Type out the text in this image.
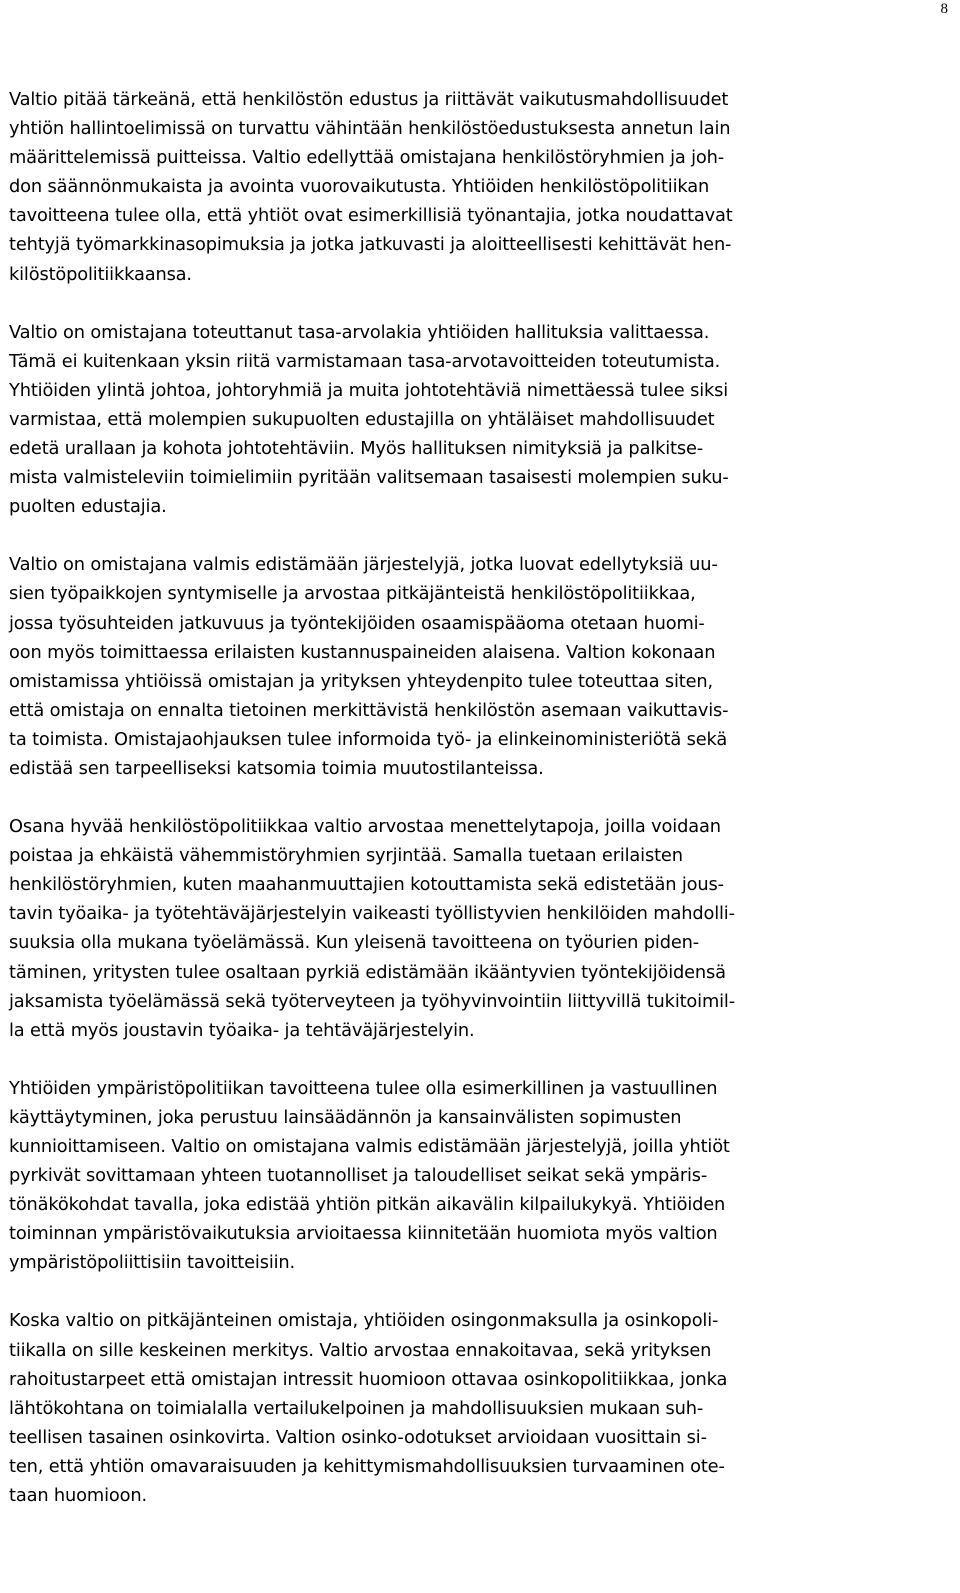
8

Valtio pitää tärkeänä, että henkilöstön edustus ja riittävät vaikutusmahdollisuudet
yhtiön hallintoelimissä on turvattu vähintään henkilöstöedustuksesta annetun lain
määrittelemissä puitteissa. Valtio edellyttää omistajana henkilöstöryhmien ja joh-
don säännönmukaista ja avointa vuorovaikutusta. Yhtiöiden henkilöstöpolitiikan
tavoitteena tulee olla, että yhtiöt ovat esimerkillisiä työnantajia, jotka noudattavat
tehtyjä työmarkkinasopimuksia ja jotka jatkuvasti ja aloitteellisesti kehittävät hen-
kilöstöpolitiikkaansa.

Valtio on omistajana toteuttanut tasa-arvolakia yhtiöiden hallituksia valittaessa.
Tämä ei kuitenkaan yksin riitä varmistamaan tasa-arvotavoitteiden toteutumista.
Yhtiöiden ylintä johtoa, johtoryhmiä ja muita johtotehtäviä nimettäessä tulee siksi
varmistaa, että molempien sukupuolten edustajilla on yhtäläiset mahdollisuudet
edetä urallaan ja kohota johtotehtäviin. Myös hallituksen nimityksiä ja palkitse-
mista valmisteleviin toimielimiin pyritään valitsemaan tasaisesti molempien suku-
puolten edustajia.

Valtio on omistajana valmis edistämään järjestelyjä, jotka luovat edellytyksiä uu-
sien työpaikkojen syntymiselle ja arvostaa pitkäjänteistä henkilöstöpolitiikkaa,
jossa työsuhteiden jatkuvuus ja työntekijöiden osaamispääoma otetaan huomi-
oon myös toimittaessa erilaisten kustannuspaineiden alaisena. Valtion kokonaan
omistamissa yhtiöissä omistajan ja yrityksen yhteydenpito tulee toteuttaa siten,
että omistaja on ennalta tietoinen merkittävistä henkilöstön asemaan vaikuttavis-
ta toimista. Omistajaohjauksen tulee informoida työ- ja elinkeinoministeriötä sekä
edistää sen tarpeelliseksi katsomia toimia muutostilanteissa.

Osana hyvää henkilöstöpolitiikkaa valtio arvostaa menettelytapoja, joilla voidaan
poistaa ja ehkäistä vähemmistöryhmien syrjintää. Samalla tuetaan erilaisten
henkilöstöryhmien, kuten maahanmuuttajien kotouttamista sekä edistetään jous-
tavin työaika- ja työtehtäväjärjestelyin vaikeasti työllistyvien henkilöiden mahdolli-
suuksia olla mukana työelämässä. Kun yleisenä tavoitteena on työurien piden-
täminen, yritysten tulee osaltaan pyrkiä edistämään ikääntyvien työntekijöidensä
jaksamista työelämässä sekä työterveyteen ja työhyvinvointiin liittyvillä tukitoimil-
la että myös joustavin työaika- ja tehtäväjärjestelyin.

Yhtiöiden ympäristöpolitiikan tavoitteena tulee olla esimerkillinen ja vastuullinen
käyttäytyminen, joka perustuu lainsäädännön ja kansainvälisten sopimusten
kunnioittamiseen. Valtio on omistajana valmis edistämään järjestelyjä, joilla yhtiöt
pyrkivät sovittamaan yhteen tuotannolliset ja taloudelliset seikat sekä ympäris-
tönäkökohdat tavalla, joka edistää yhtiön pitkän aikavälin kilpailukykyä. Yhtiöiden
toiminnan ympäristövaikutuksia arvioitaessa kiinnitetään huomiota myös valtion
ympäristöpoliittisiin tavoitteisiin.

Koska valtio on pitkäjänteinen omistaja, yhtiöiden osingonmaksulla ja osinkopoli-
tiikalla on sille keskeinen merkitys. Valtio arvostaa ennakoitavaa, sekä yrityksen
rahoitustarpeet että omistajan intressit huomioon ottavaa osinkopolitiikkaa, jonka
lähtökohtana on toimialalla vertailukelpoinen ja mahdollisuuksien mukaan suh-
teellisen tasainen osinkovirta. Valtion osinko-odotukset arvioidaan vuosittain si-
ten, että yhtiön omavaraisuuden ja kehittymismahdollisuuksien turvaaminen ote-
taan huomioon.
